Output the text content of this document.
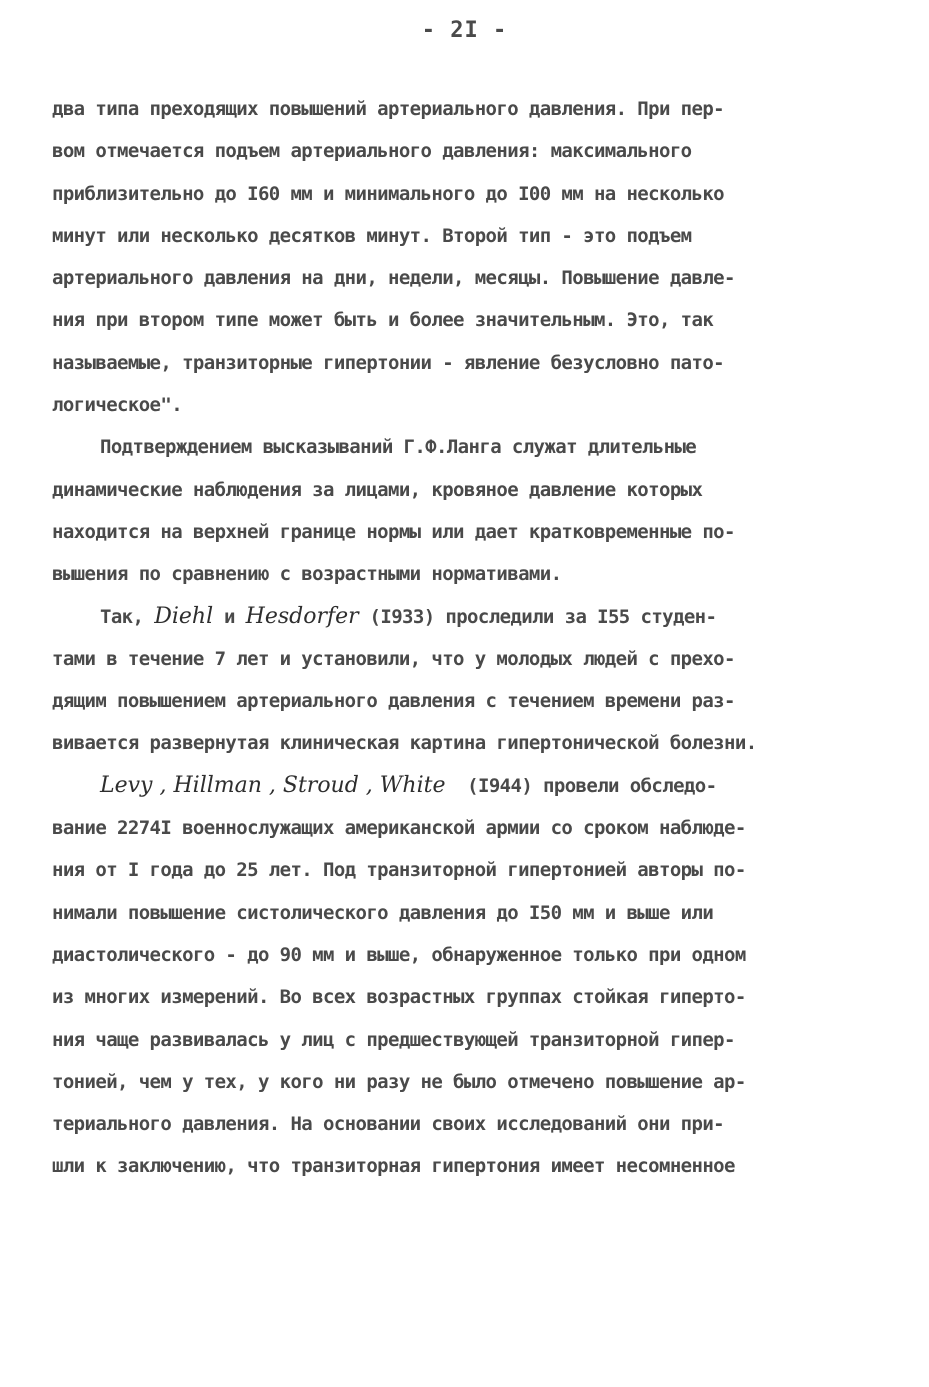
- 2I -
два типа преходящих повышений артериального давления. При пер-
вом отмечается подъем артериального давления: максимального
приблизительно до I60 мм и минимального до I00 мм на несколько
минут или несколько десятков минут. Второй тип - это подъем
артериального давления на дни, недели, месяцы. Повышение давле-
ния при втором типе может быть и более значительным. Это, так
называемые, транзиторные гипертонии - явление безусловно пато-
логическое".
Подтверждением высказываний Г.Ф.Ланга служат длительные
динамические наблюдения за лицами, кровяное давление которых
находится на верхней границе нормы или дает кратковременные по-
вышения по сравнению с возрастными нормативами.
Так, Diehl и Hesdorfer (I933) проследили за I55 студен-
тами в течение 7 лет и установили, что у молодых людей с прехо-
дящим повышением артериального давления с течением времени раз-
вивается развернутая клиническая картина гипертонической болезни.
Levy , Hillman , Stroud , White  (I944) провели обследо-
вание 2274I военнослужащих американской армии со сроком наблюде-
ния от I года до 25 лет. Под транзиторной гипертонией авторы по-
нимали повышение систолического давления до I50 мм и выше или
диастолического - до 90 мм и выше, обнаруженное только при одном
из многих измерений. Во всех возрастных группах стойкая гиперто-
ния чаще развивалась у лиц с предшествующей транзиторной гипер-
тонией, чем у тех, у кого ни разу не было отмечено повышение ар-
териального давления. На основании своих исследований они при-
шли к заключению, что транзиторная гипертония имеет несомненное
